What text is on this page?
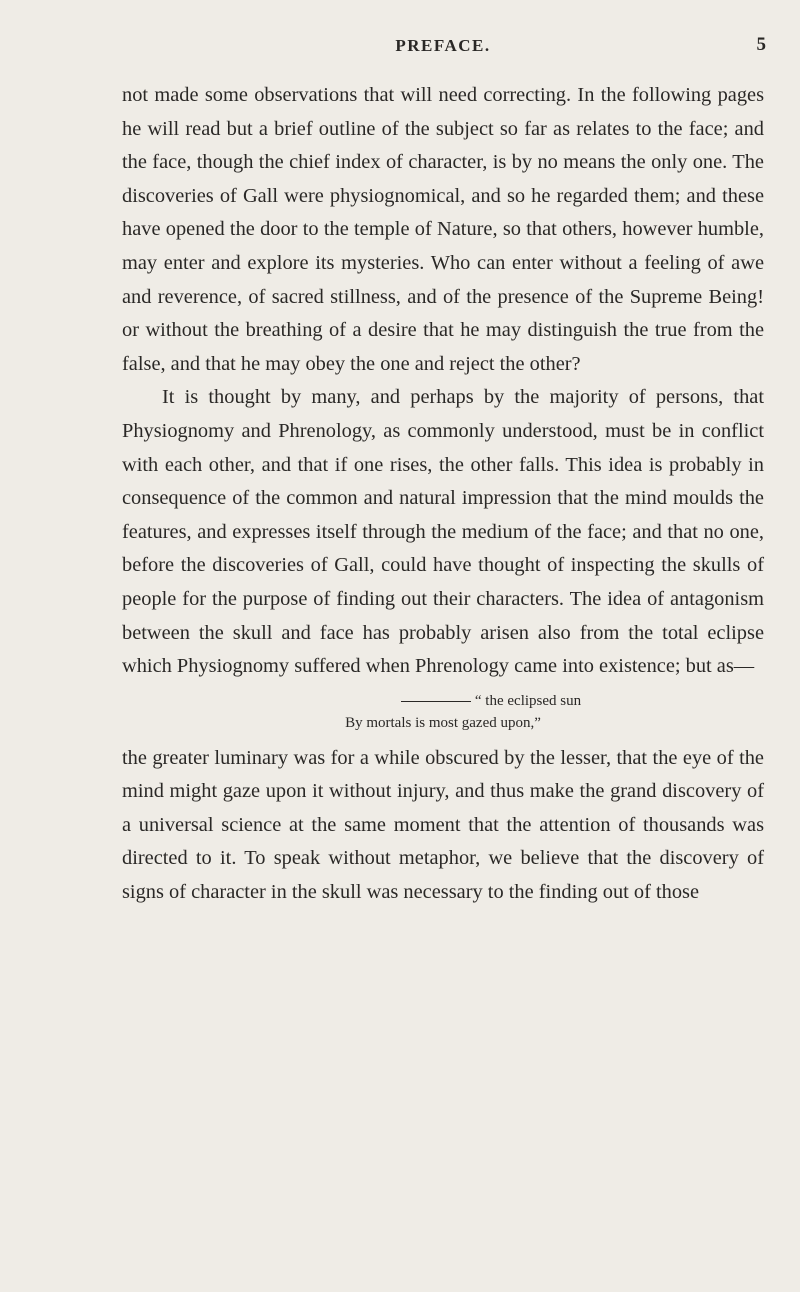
PREFACE.	5

not made some observations that will need correcting. In the following pages he will read but a brief outline of the subject so far as relates to the face; and the face, though the chief index of character, is by no means the only one. The discoveries of Gall were physiognomical, and so he regarded them; and these have opened the door to the temple of Nature, so that others, however humble, may enter and explore its mysteries. Who can enter without a feeling of awe and reverence, of sacred stillness, and of the presence of the Supreme Being! or without the breathing of a desire that he may distinguish the true from the false, and that he may obey the one and reject the other?

It is thought by many, and perhaps by the majority of persons, that Physiognomy and Phrenology, as commonly understood, must be in conflict with each other, and that if one rises, the other falls. This idea is probably in consequence of the common and natural impression that the mind moulds the features, and expresses itself through the medium of the face; and that no one, before the discoveries of Gall, could have thought of inspecting the skulls of people for the purpose of finding out their characters. The idea of antagonism between the skull and face has probably arisen also from the total eclipse which Physiognomy suffered when Phrenology came into existence; but as—

“ the eclipsed sun
By mortals is most gazed upon,”

the greater luminary was for a while obscured by the lesser, that the eye of the mind might gaze upon it without injury, and thus make the grand discovery of a universal science at the same moment that the attention of thousands was directed to it. To speak without metaphor, we believe that the discovery of signs of character in the skull was necessary to the finding out of those
